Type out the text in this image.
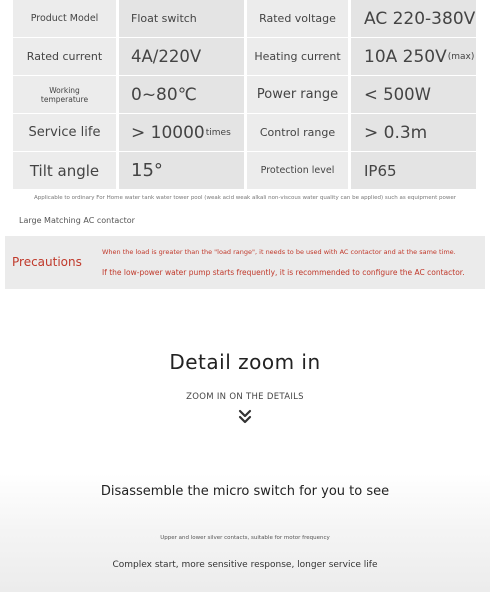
Product Model	Float switch	Rated voltage	AC 220-380V
Rated current	4A/220V	Heating current	10A 250V (max)
Working temperature	0~80℃	Power range	< 500W
Service life	> 10000 times	Control range	> 0.3m
Tilt angle	15°	Protection level	IP65
Applicable to ordinary For Home water tank water tower pool (weak acid weak alkali non-viscous water quality can be applied) such as equipment power
Large Matching AC contactor
Precautions
When the load is greater than the "load range", it needs to be used with AC contactor and at the same time.
If the low-power water pump starts frequently, it is recommended to configure the AC contactor.
Detail zoom in
ZOOM IN ON THE DETAILS
Disassemble the micro switch for you to see
Upper and lower silver contacts, suitable for motor frequency
Complex start, more sensitive response, longer service life
